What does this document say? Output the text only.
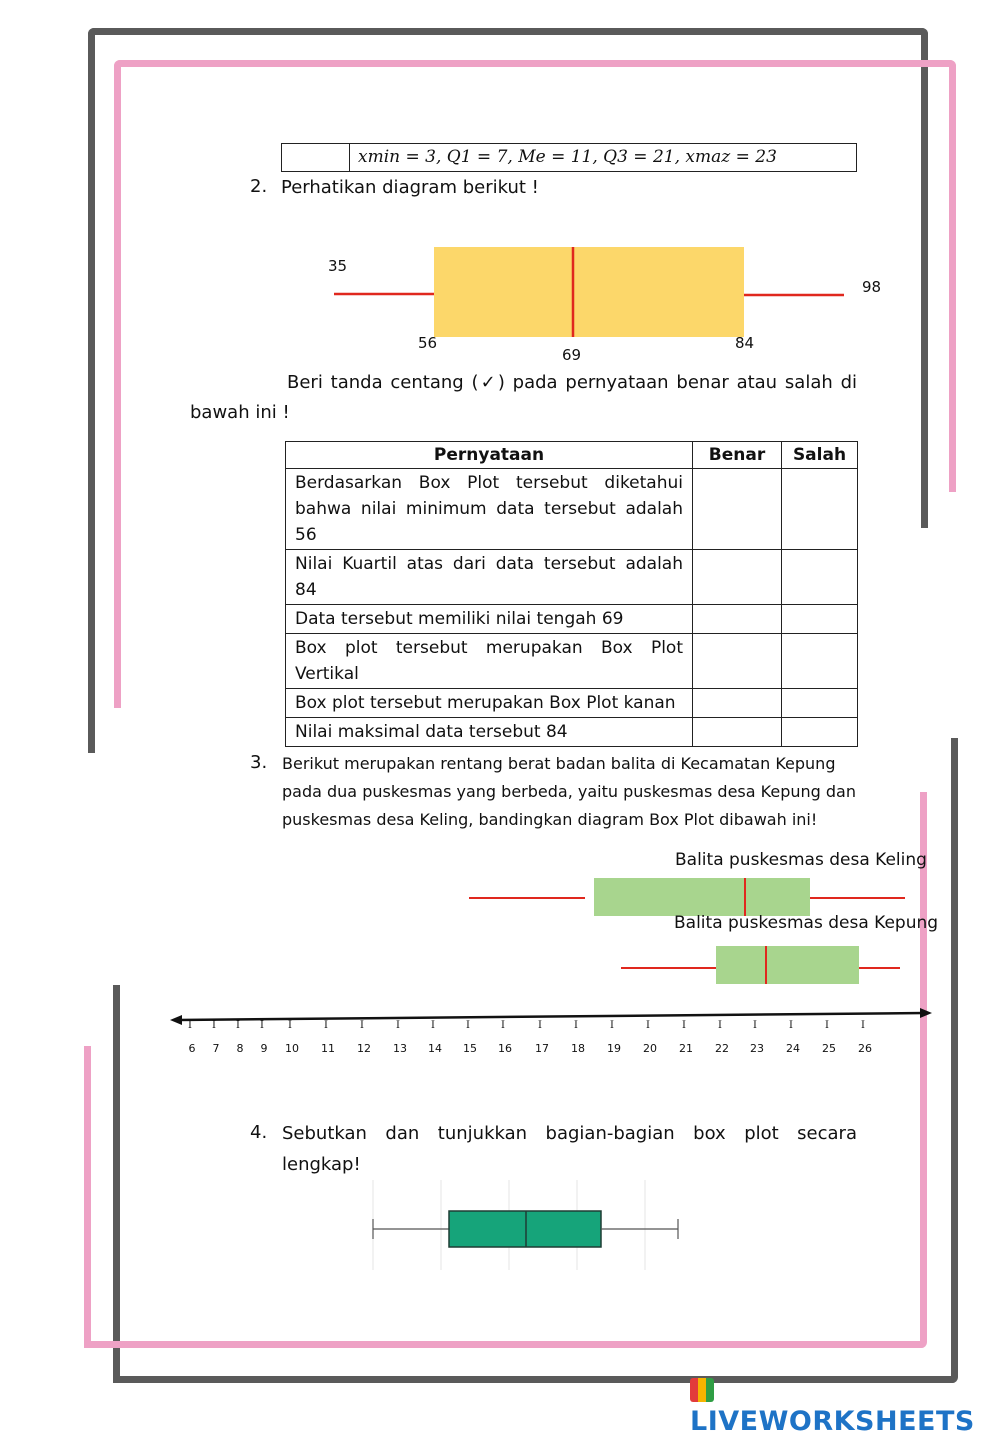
xmin = 3, Q1 = 7, Me = 11, Q3 = 21, xmaz = 23
2. Perhatikan diagram berikut !
35
98
56
69
84
Beri tanda centang (✓) pada pernyataan benar atau salah di
bawah ini !
Pernyataan	Benar	Salah
Berdasarkan Box Plot tersebut diketahui bahwa nilai minimum data tersebut adalah 56		
Nilai Kuartil atas dari data tersebut adalah 84		
Data tersebut memiliki nilai tengah 69		
Box plot tersebut merupakan Box Plot Vertikal		
Box plot tersebut merupakan Box Plot kanan		
Nilai maksimal data tersebut 84		
3. Berikut merupakan rentang berat badan balita di Kecamatan Kepung
pada dua puskesmas yang berbeda, yaitu puskesmas desa Kepung dan
puskesmas desa Keling, bandingkan diagram Box Plot dibawah ini!
Balita puskesmas desa Keling
Balita puskesmas desa Kepung
I
6
I
7
I
8
I
9
I
10
I
11
I
12
I
13
I
14
I
15
I
16
I
17
I
18
I
19
I
20
I
21
I
22
I
23
I
24
I
25
I
26
4. Sebutkan dan tunjukkan bagian-bagian box plot secara
lengkap!
LIVEWORKSHEETS
